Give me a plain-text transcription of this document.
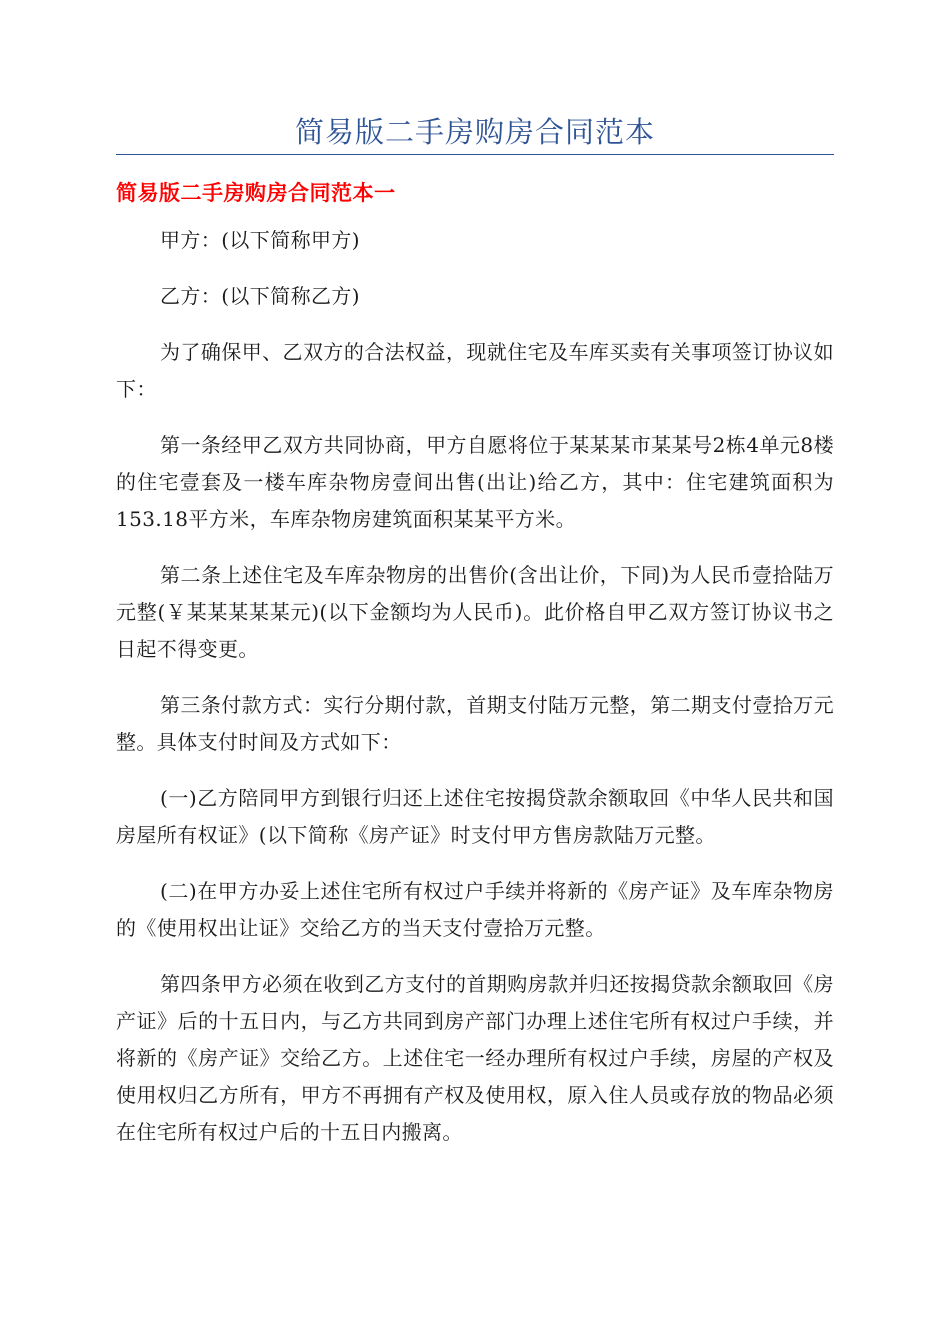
简易版二手房购房合同范本
简易版二手房购房合同范本一

甲方：(以下简称甲方)

乙方：(以下简称乙方)

为了确保甲、乙双方的合法权益，现就住宅及车库买卖有关事项签订协议如下：

第一条经甲乙双方共同协商，甲方自愿将位于某某某市某某号2栋4单元8楼的住宅壹套及一楼车库杂物房壹间出售(出让)给乙方，其中：住宅建筑面积为153.18平方米，车库杂物房建筑面积某某平方米。

第二条上述住宅及车库杂物房的出售价(含出让价，下同)为人民币壹拾陆万元整(￥某某某某某元)(以下金额均为人民币)。此价格自甲乙双方签订协议书之日起不得变更。

第三条付款方式：实行分期付款，首期支付陆万元整，第二期支付壹拾万元整。具体支付时间及方式如下：

(一)乙方陪同甲方到银行归还上述住宅按揭贷款余额取回《中华人民共和国房屋所有权证》(以下简称《房产证》时支付甲方售房款陆万元整。

(二)在甲方办妥上述住宅所有权过户手续并将新的《房产证》及车库杂物房的《使用权出让证》交给乙方的当天支付壹拾万元整。

第四条甲方必须在收到乙方支付的首期购房款并归还按揭贷款余额取回《房产证》后的十五日内，与乙方共同到房产部门办理上述住宅所有权过户手续，并将新的《房产证》交给乙方。上述住宅一经办理所有权过户手续，房屋的产权及使用权归乙方所有，甲方不再拥有产权及使用权，原入住人员或存放的物品必须在住宅所有权过户后的十五日内搬离。
